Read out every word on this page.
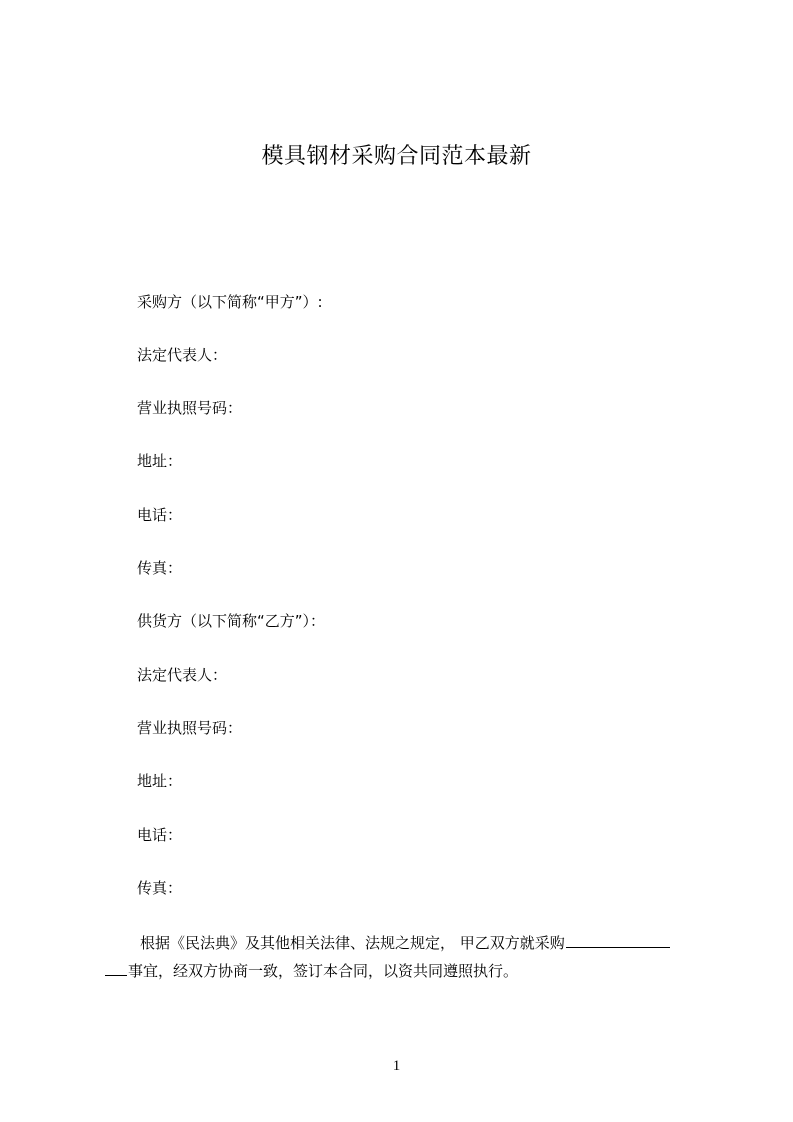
模具钢材采购合同范本最新
采购方（以下简称“甲方”）:
法定代表人：
营业执照号码：
地址：
电话：
传真：
供货方（以下简称“乙方”）：
法定代表人：
营业执照号码：
地址：
电话：
传真：
根据《民法典》及其他相关法律、法规之规定， 甲乙双方就采购
事宜，经双方协商一致，签订本合同，以资共同遵照执行。
1
